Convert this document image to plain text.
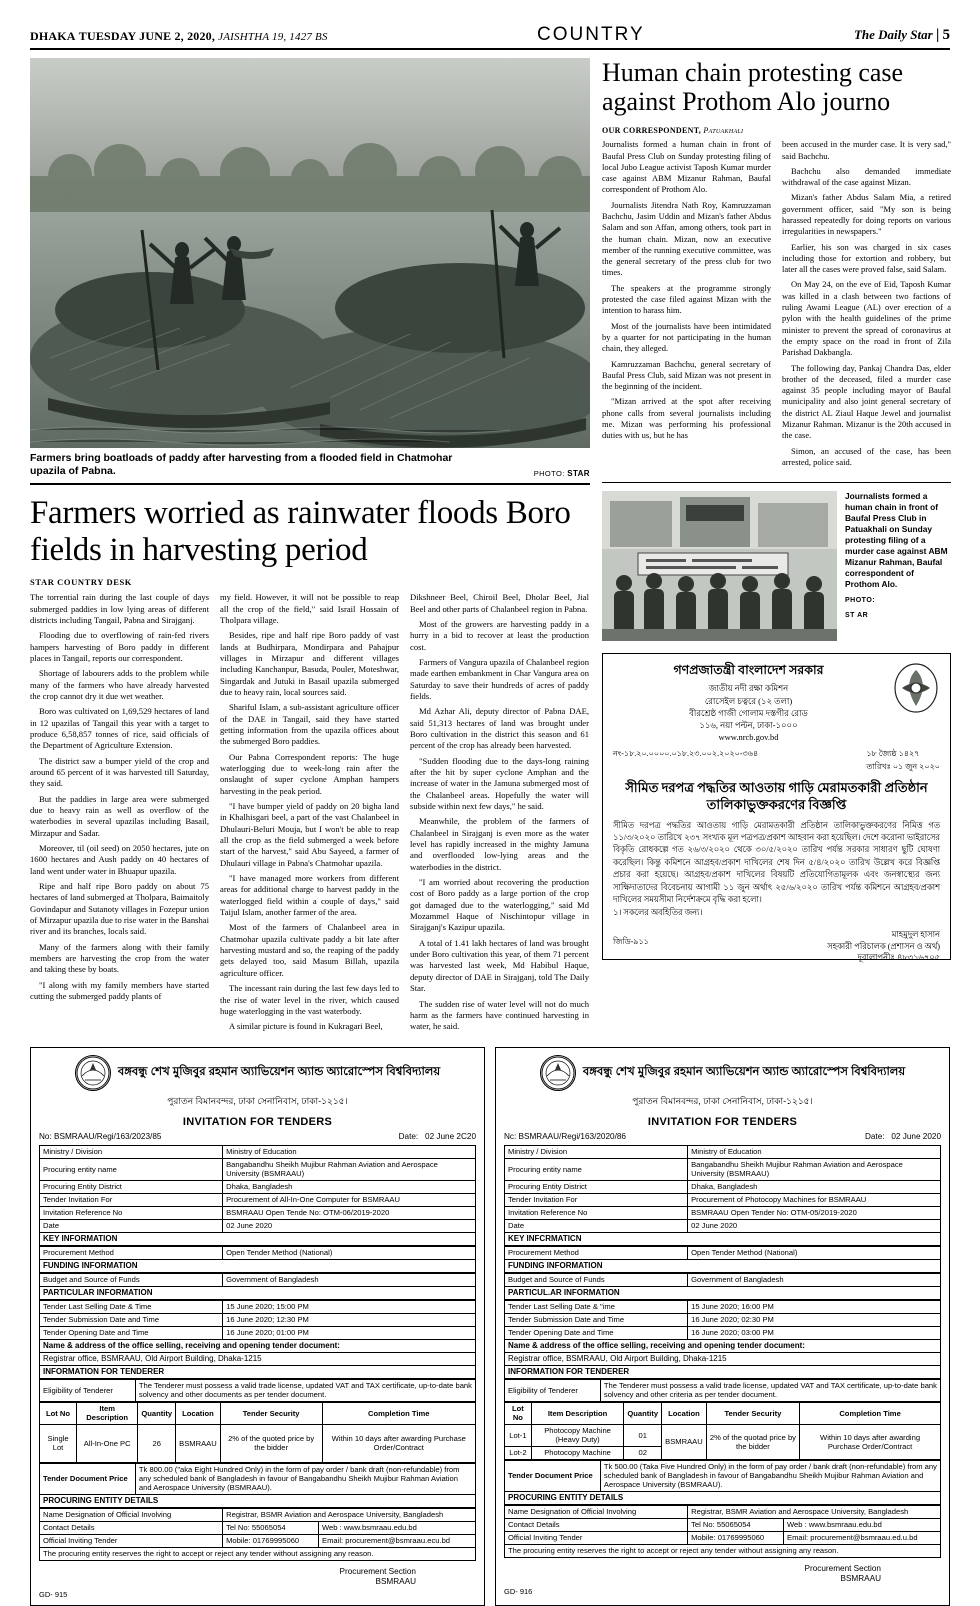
DHAKA TUESDAY JUNE 2, 2020, JAISHTHA 19, 1427 BS	COUNTRY	The Daily Star | 5
Farmers bring boatloads of paddy after harvesting from a flooded field in Chatmohar upazila of Pabna.	PHOTO: STAR
Farmers worried as rainwater floods Boro fields in harvesting period
STAR COUNTRY DESK

The torrential rain during the last couple of days submerged paddies in low lying areas of different districts including Tangail, Pabna and Sirajganj.

Flooding due to overflowing of rain-fed rivers hampers harvesting of Boro paddy in different places in Tangail, reports our correspondent.

Shortage of labourers adds to the problem while many of the farmers who have already harvested the crop cannot dry it due wet weather.

Boro was cultivated on 1,69,529 hectares of land in 12 upazilas of Tangail this year with a target to produce 6,58,857 tonnes of rice, said officials of the Department of Agriculture Extension.

The district saw a bumper yield of the crop and around 65 percent of it was harvested till Saturday, they said.

But the paddies in large area were submerged due to heavy rain as well as overflow of the waterbodies in several upazilas including Basail, Mirzapur and Sadar.

Moreover, til (oil seed) on 2050 hectares, jute on 1600 hectares and Aush paddy on 40 hectares of land went under water in Bhuapur upazila.

Ripe and half ripe Boro paddy on about 75 hectares of land submerged at Tholpara, Baimaitoly Govindapur and Sutanoty villages in Fozepur union of Mirzapur upazila due to rise water in the Banshai river and its branches, locals said.

Many of the farmers along with their family members are harvesting the crop from the water and taking these by boats.

"I along with my family members have started cutting the submerged paddy plants of

my field. However, it will not be possible to reap all the crop of the field," said Israil Hossain of Tholpara village.

Besides, ripe and half ripe Boro paddy of vast lands at Budhirpara, Mondirpara and Pahajpur villages in Mirzapur and different villages including Kanchanpur, Basuda, Pouler, Moteshwar, Singardak and Jutuki in Basail upazila submerged due to heavy rain, local sources said.

Shariful Islam, a sub-assistant agriculture officer of the DAE in Tangail, said they have started getting information from the upazila offices about the submerged Boro paddies.

Our Pabna Correspondent reports: The huge waterlogging due to week-long rain after the onslaught of super cyclone Amphan hampers harvesting in the peak period.

"I have bumper yield of paddy on 20 bigha land in Khalhisgari beel, a part of the vast Chalanbeel in Dhulauri-Beluri Mouja, but I won't be able to reap all the crop as the field submerged a week before start of the harvest," said Abu Sayeed, a farmer of Dhulauri village in Pabna's Chatmohar upazila.

"I have managed more workers from different areas for additional charge to harvest paddy in the waterlogged field within a couple of days," said Taijul Islam, another farmer of the area.

Most of the farmers of Chalanbeel area in Chatmohar upazila cultivate paddy a bit late after harvesting mustard and so, the reaping of the paddy gets delayed too, said Masum Billah, upazila agriculture officer.

The incessant rain during the last few days led to the rise of water level in the river, which caused huge waterlogging in the vast waterbody.

A similar picture is found in Kukragari Beel,

Dikshneer Beel, Chiroil Beel, Dholar Beel, Jial Beel and other parts of Chalanbeel region in Pabna.

Most of the growers are harvesting paddy in a hurry in a bid to recover at least the production cost.

Farmers of Vangura upazila of Chalanbeel region made earthen embankment in Char Vangura area on Saturday to save their hundreds of acres of paddy fields.

Md Azhar Ali, deputy director of Pabna DAE, said 51,313 hectares of land was brought under Boro cultivation in the district this season and 61 percent of the crop has already been harvested.

"Sudden flooding due to the days-long raining after the hit by super cyclone Amphan and the increase of water in the Jamuna submerged most of the Chalanbeel areas. Hopefully the water will subside within next few days," he said.

Meanwhile, the problem of the farmers of Chalanbeel in Sirajganj is even more as the water level has rapidly increased in the mighty Jamuna and overflooded low-lying areas and the waterbodies in the district.

"I am worried about recovering the production cost of Boro paddy as a large portion of the crop got damaged due to the waterlogging," said Md Mozammel Haque of Nischintopur village in Sirajganj's Kazipur upazila.

A total of 1.41 lakh hectares of land was brought under Boro cultivation this year, of them 71 percent was harvested last week, Md Habibul Haque, deputy director of DAE in Sirajganj, told The Daily Star.

The sudden rise of water level will not do much harm as the farmers have continued harvesting in water, he said.

Human chain protesting case against Prothom Alo journo
OUR CORRESPONDENT, Patuakhali

Journalists formed a human chain in front of Baufal Press Club on Sunday protesting filing of local Jubo League activist Taposh Kumar murder case against ABM Mizanur Rahman, Baufal correspondent of Prothom Alo.

Journalists Jitendra Nath Roy, Kamruzzaman Bachchu, Jasim Uddin and Mizan's father Abdus Salam and son Affan, among others, took part in the human chain. Mizan, now an executive member of the running executive committee, was the general secretary of the press club for two times.

The speakers at the programme strongly protested the case filed against Mizan with the intention to harass him.

Most of the journalists have been intimidated by a quarter for not participating in the human chain, they alleged.

Kamruzzaman Bachchu, general secretary of Baufal Press Club, said Mizan was not present in the beginning of the incident.

"Mizan arrived at the spot after receiving phone calls from several journalists including me. Mizan was performing his professional duties with us, but he has

been accused in the murder case. It is very sad," said Bachchu.

Bachchu also demanded immediate withdrawal of the case against Mizan.

Mizan's father Abdus Salam Mia, a retired government officer, said "My son is being harassed repeatedly for doing reports on various irregularities in newspapers."

Earlier, his son was charged in six cases including those for extortion and robbery, but later all the cases were proved false, said Salam.

On May 24, on the eve of Eid, Taposh Kumar was killed in a clash between two factions of ruling Awami League (AL) over erection of a pylon with the health guidelines of the prime minister to prevent the spread of coronavirus at the empty space on the road in front of Zila Parishad Dakbangla.

The following day, Pankaj Chandra Das, elder brother of the deceased, filed a murder case against 35 people including mayor of Baufal municipality and also joint general secretary of the district AL Ziaul Haque Jewel and journalist Mizanur Rahman. Mizanur is the 20th accused in the case.

Simon, an accused of the case, has been arrested, police said.

Journalists formed a human chain in front of Baufal Press Club in Patuakhali on Sunday protesting filing of a murder case against ABM Mizanur Rahman, Baufal correspondent of Prothom Alo.
PHOTO:
ST AR
গণপ্রজাতন্ত্রী বাংলাদেশ সরকার
জাতীয় নদী রক্ষা কমিশন
রোসেইল চত্বরে (১২ তলা)
বীরশ্রেষ্ঠ গাজী গোলাম দস্তগীর রোড
১১৬, নয়া পল্টন, ঢাকা-১০০০
www.nrcb.gov.bd
নং-১৮.২০.০০০০.০১৮.২৩.০০২.২০২০-৩৬৪	১৮ জ্যৈষ্ঠ ১৪২৭
তারিখঃ ০১ জুন ২০২০
সীমিত দরপত্র পদ্ধতির আওতায় গাড়ি মেরামতকারী প্রতিষ্ঠান তালিকাভুক্তকরণের বিজ্ঞপ্তি
সীমিত দরপত্র পদ্ধতির আওতায় গাড়ি মেরামতকারী প্রতিষ্ঠান তালিকাভুক্তকরণের নিমিত্ত গত ১১/৩/২০২০ তারিখে ২৩৭ সংখ্যক মূল পত্রপত্র/প্রকাশ আহবান করা হয়েছিল। দেশে করোনা ভাইরাসের বিকৃতি রোধকল্পে গত ২৬/৩/২০২০ থেকে ৩০/৫/২০২০ তারিখ পর্যন্ত সরকার সাধারণ ছুটি ঘোষণা করেছিল। কিন্তু কমিশনে আগ্রহব/প্রকাশ দাখিলের শেষ দিন ৫/৪/২০২০ তারিখ উল্লেখ করে বিজ্ঞপ্তি প্রচার করা হয়েছে। আগ্রহব/প্রকাশ দাখিলের বিষয়টি প্রতিযোগিতামূলক এবং জনস্বাস্থ্যের জন্য সাক্ষিদাতাদের বিবেচনায় আগামী ১১ জুন অর্থাৎ ২৫/৬/২০২০ তারিখ পর্যন্ত কমিশনে আগ্রহব/প্রকাশ দাখিলের সময়সীমা নির্দেশক্রমে বৃদ্ধি করা হলো।
১। সকলের অবহিতির জন্য।
মাহমুদুল হাসান
সহকারী পরিচালক (প্রশাসন ও অর্থ)
দূরালাপনীঃ ৪৮৩১৬৭০৫
জিডি-৯১১
বঙ্গবন্ধু শেখ মুজিবুর রহমান অ্যাভিয়েশন অ্যান্ড অ্যারোস্পেস বিশ্ববিদ্যালয়
পুরাতন বিমানবন্দর, ঢাকা সেনানিবাস, ঢাকা-১২১৫।
INVITATION FOR TENDERS
No: BSMRAAU/Regi/163/2023/85	Date: 02 June 2C20
Ministry / Division	Ministry of Education
Procuring entity name	Bangabandhu Sheikh Mujibur Rahman Aviation and Aerospace University (BSMRAAU)
Procuring Entity District	Dhaka, Bangladesh
Tender Invitation For	Procurement of All-In-One Computer for BSMRAAU
Invitation Reference No	BSMRAAU Open Tende No: OTM-06/2019-2020
Date	02 June 2020
KEY INFORMATION
Procurement Method	Open Tender Method (National)
FUNDING INFORMATION
Budget and Source of Funds	Government of Bangladesh
PARTICULAR INFORMATION
Tender Last Selling Date & Time	15 June 2020; 15:00 PM
Tender Submission Date and Time	16 June 2020; 12:30 PM
Tender Opening Date and Time	16 June 2020; 01:00 PM
Name & address of the office selling, receiving and opening tender document:
Registrar office, BSMRAAU, Old Airport Building, Dhaka-1215
INFORMATION FOR TENDERER
Eligibility of Tenderer	The Tenderer must possess a valid trade license, updated VAT and TAX certificate, up-to-date bank solvency and other documents as per tender document.
Lot No	Item Description	Quantity	Location	Tender Security	Completion Time
Single Lot	All-In-One PC	26	BSMRAAU	2% of the quoted price by the bidder	Within 10 days after awarding Purchase Order/Contract
Tender Document Price	Tk 800.00 ("aka Eight Hundred Only) in the form of pay order / bank draft (non-refundable) from any scheduled bank of Bangladesh in favour of Bangabandhu Sheikh Mujibur Rahman Aviation and Aerospace University (BSMRAAU).
PROCURING ENTITY DETAILS
Name Designation of Official Involving	Registrar, BSMR Aviation and Aerospace University, Bangladesh	
Contact Details	Tel No: 55065054	Web : www.bsmraau.edu.bd
Official Inviting Tender	Mobile: 01769995060	Email: procurement@bsmraau.ecu.bd
The procuring entity reserves the right to accept or reject any tender without assigning any reason.		
Procurement Section
BSMRAAU
GD- 915
বঙ্গবন্ধু শেখ মুজিবুর রহমান অ্যাভিয়েশন অ্যান্ড অ্যারোস্পেস বিশ্ববিদ্যালয়
পুরাতন বিমানবন্দর, ঢাকা সেনানিবাস, ঢাকা-১২১৫।
INVITATION FOR TENDERS
Nc: BSMRAAU/Regi/163/2020/86	Date: 02 June 2020
Ministry / Division	Ministry of Education
Procuring entity name	Bangabandhu Sheikh Mujibur Rahman Aviation and Aerospace University (BSMRAAU)
Procuring Entity District	Dhaka, Bangladesh
Tender Invitation For	Procurement of Photocopy Machines for BSMRAAU
Invitation Reference No	BSMRAAU Open Tender No: OTM-05/2019-2020
Date	02 June 2020
KEY INFCRMATICN
Procurement Method	Open Tender Method (National)
FUNDING INFORMATION
Budget and Source of Funds	Government of Bangladesh
PARTICUL.AR INFORMATION
Tender Last Selling Date & "ime	15 June 2020; 16:00 PM
Tender Submission Date and Time	16 June 2020; 02:30 PM
Tender Opening Date and Time	16 June 2020; 03:00 PM
Name & address of the office selling, receiving and opening tender document:
Registrar office, BSMRAAU, Old Airport Building, Dhaka-1215
INFORMATION FOR TENDERER
Eligibility of Tenderer	The Tenderer must possess a valid trade license, updated VAT and TAX certificate, up-to-date bank solvency and other criteria as per tender document.
Lot No	Item Description	Quantity	Location	Tender Security	Completion Time
Lot-1	Photocopy Machine (Heavy Duty)	01	BSMRAAU	2% of the quotad price by the bidder	Within 10 days after awarding Purchase Order/Contract
Lot-2	Photocopy Machine	02			
Tender Document Price	Tk 500.00 (Taka Five Hundred Only) in the form of pay order / bank draft (non-refundable) from any scheduled bank of Bangladesh in favour of Bangabandhu Sheikh Mujibur Rahman Aviation and Aerospace University (BSMRAAU).
PROCURING ENTITY DETAILS
Name Designation of Official Involving	Registrar, BSMR Aviation and Aerospace University, Bangladesh	
Contact Details	Tel No: 55065054	Web : www.bsmraau.edu.bd
Official Inviting Tender	Mobile: 01769995060	Email: procurement@bsmraau.ed.u.bd
The procuring entity reserves the right to accept or reject any tender without assigning any reason.		
Procurement Section
BSMRAAU
GD- 916
